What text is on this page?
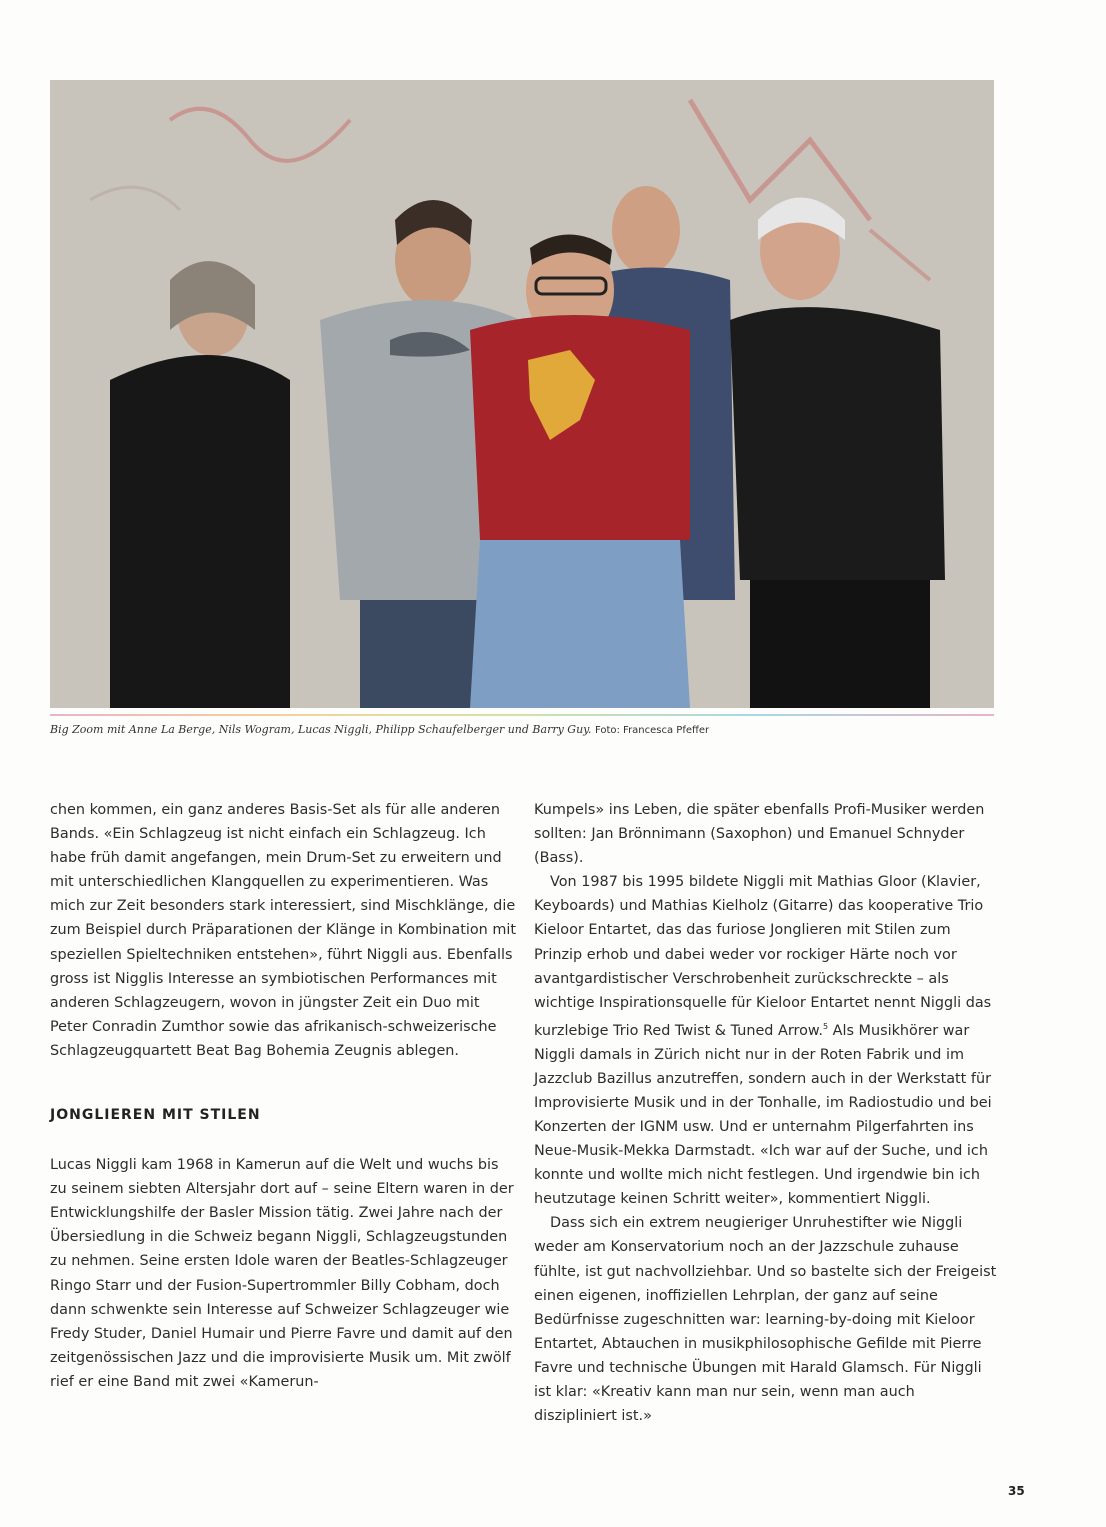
Big Zoom mit Anne La Berge, Nils Wogram, Lucas Niggli, Philipp Schaufelberger und Barry Guy. Foto: Francesca Pfeffer

chen kommen, ein ganz anderes Basis-Set als für alle anderen Bands. «Ein Schlagzeug ist nicht einfach ein Schlagzeug. Ich habe früh damit angefangen, mein Drum-Set zu erweitern und mit unterschiedlichen Klangquellen zu experimentieren. Was mich zur Zeit besonders stark interessiert, sind Mischklänge, die zum Beispiel durch Präparationen der Klänge in Kombination mit speziellen Spieltechniken entstehen», führt Niggli aus. Ebenfalls gross ist Nigglis Interesse an symbiotischen Performances mit anderen Schlagzeugern, wovon in jüngster Zeit ein Duo mit Peter Conradin Zumthor sowie das afrikanisch-schweizerische Schlagzeugquartett Beat Bag Bohemia Zeugnis ablegen.

JONGLIEREN MIT STILEN

Lucas Niggli kam 1968 in Kamerun auf die Welt und wuchs bis zu seinem siebten Altersjahr dort auf – seine Eltern waren in der Entwicklungshilfe der Basler Mission tätig. Zwei Jahre nach der Übersiedlung in die Schweiz begann Niggli, Schlagzeugstunden zu nehmen. Seine ersten Idole waren der Beatles-Schlagzeuger Ringo Starr und der Fusion-Supertrommler Billy Cobham, doch dann schwenkte sein Interesse auf Schweizer Schlagzeuger wie Fredy Studer, Daniel Humair und Pierre Favre und damit auf den zeitgenössischen Jazz und die improvisierte Musik um. Mit zwölf rief er eine Band mit zwei «Kamerun-

Kumpels» ins Leben, die später ebenfalls Profi-Musiker werden sollten: Jan Brönnimann (Saxophon) und Emanuel Schnyder (Bass).

Von 1987 bis 1995 bildete Niggli mit Mathias Gloor (Klavier, Keyboards) und Mathias Kielholz (Gitarre) das kooperative Trio Kieloor Entartet, das das furiose Jonglieren mit Stilen zum Prinzip erhob und dabei weder vor rockiger Härte noch vor avantgardistischer Verschrobenheit zurückschreckte – als wichtige Inspirationsquelle für Kieloor Entartet nennt Niggli das kurzlebige Trio Red Twist & Tuned Arrow.$^5$ Als Musikhörer war Niggli damals in Zürich nicht nur in der Roten Fabrik und im Jazzclub Bazillus anzutreffen, sondern auch in der Werkstatt für Improvisierte Musik und in der Tonhalle, im Radiostudio und bei Konzerten der IGNM usw. Und er unternahm Pilgerfahrten ins Neue-Musik-Mekka Darmstadt. «Ich war auf der Suche, und ich konnte und wollte mich nicht festlegen. Und irgendwie bin ich heutzutage keinen Schritt weiter», kommentiert Niggli.

Dass sich ein extrem neugieriger Unruhestifter wie Niggli weder am Konservatorium noch an der Jazzschule zuhause fühlte, ist gut nachvollziehbar. Und so bastelte sich der Freigeist einen eigenen, inoffiziellen Lehrplan, der ganz auf seine Bedürfnisse zugeschnitten war: learning-by-doing mit Kieloor Entartet, Abtauchen in musikphilosophische Gefilde mit Pierre Favre und technische Übungen mit Harald Glamsch. Für Niggli ist klar: «Kreativ kann man nur sein, wenn man auch diszipliniert ist.»

35
